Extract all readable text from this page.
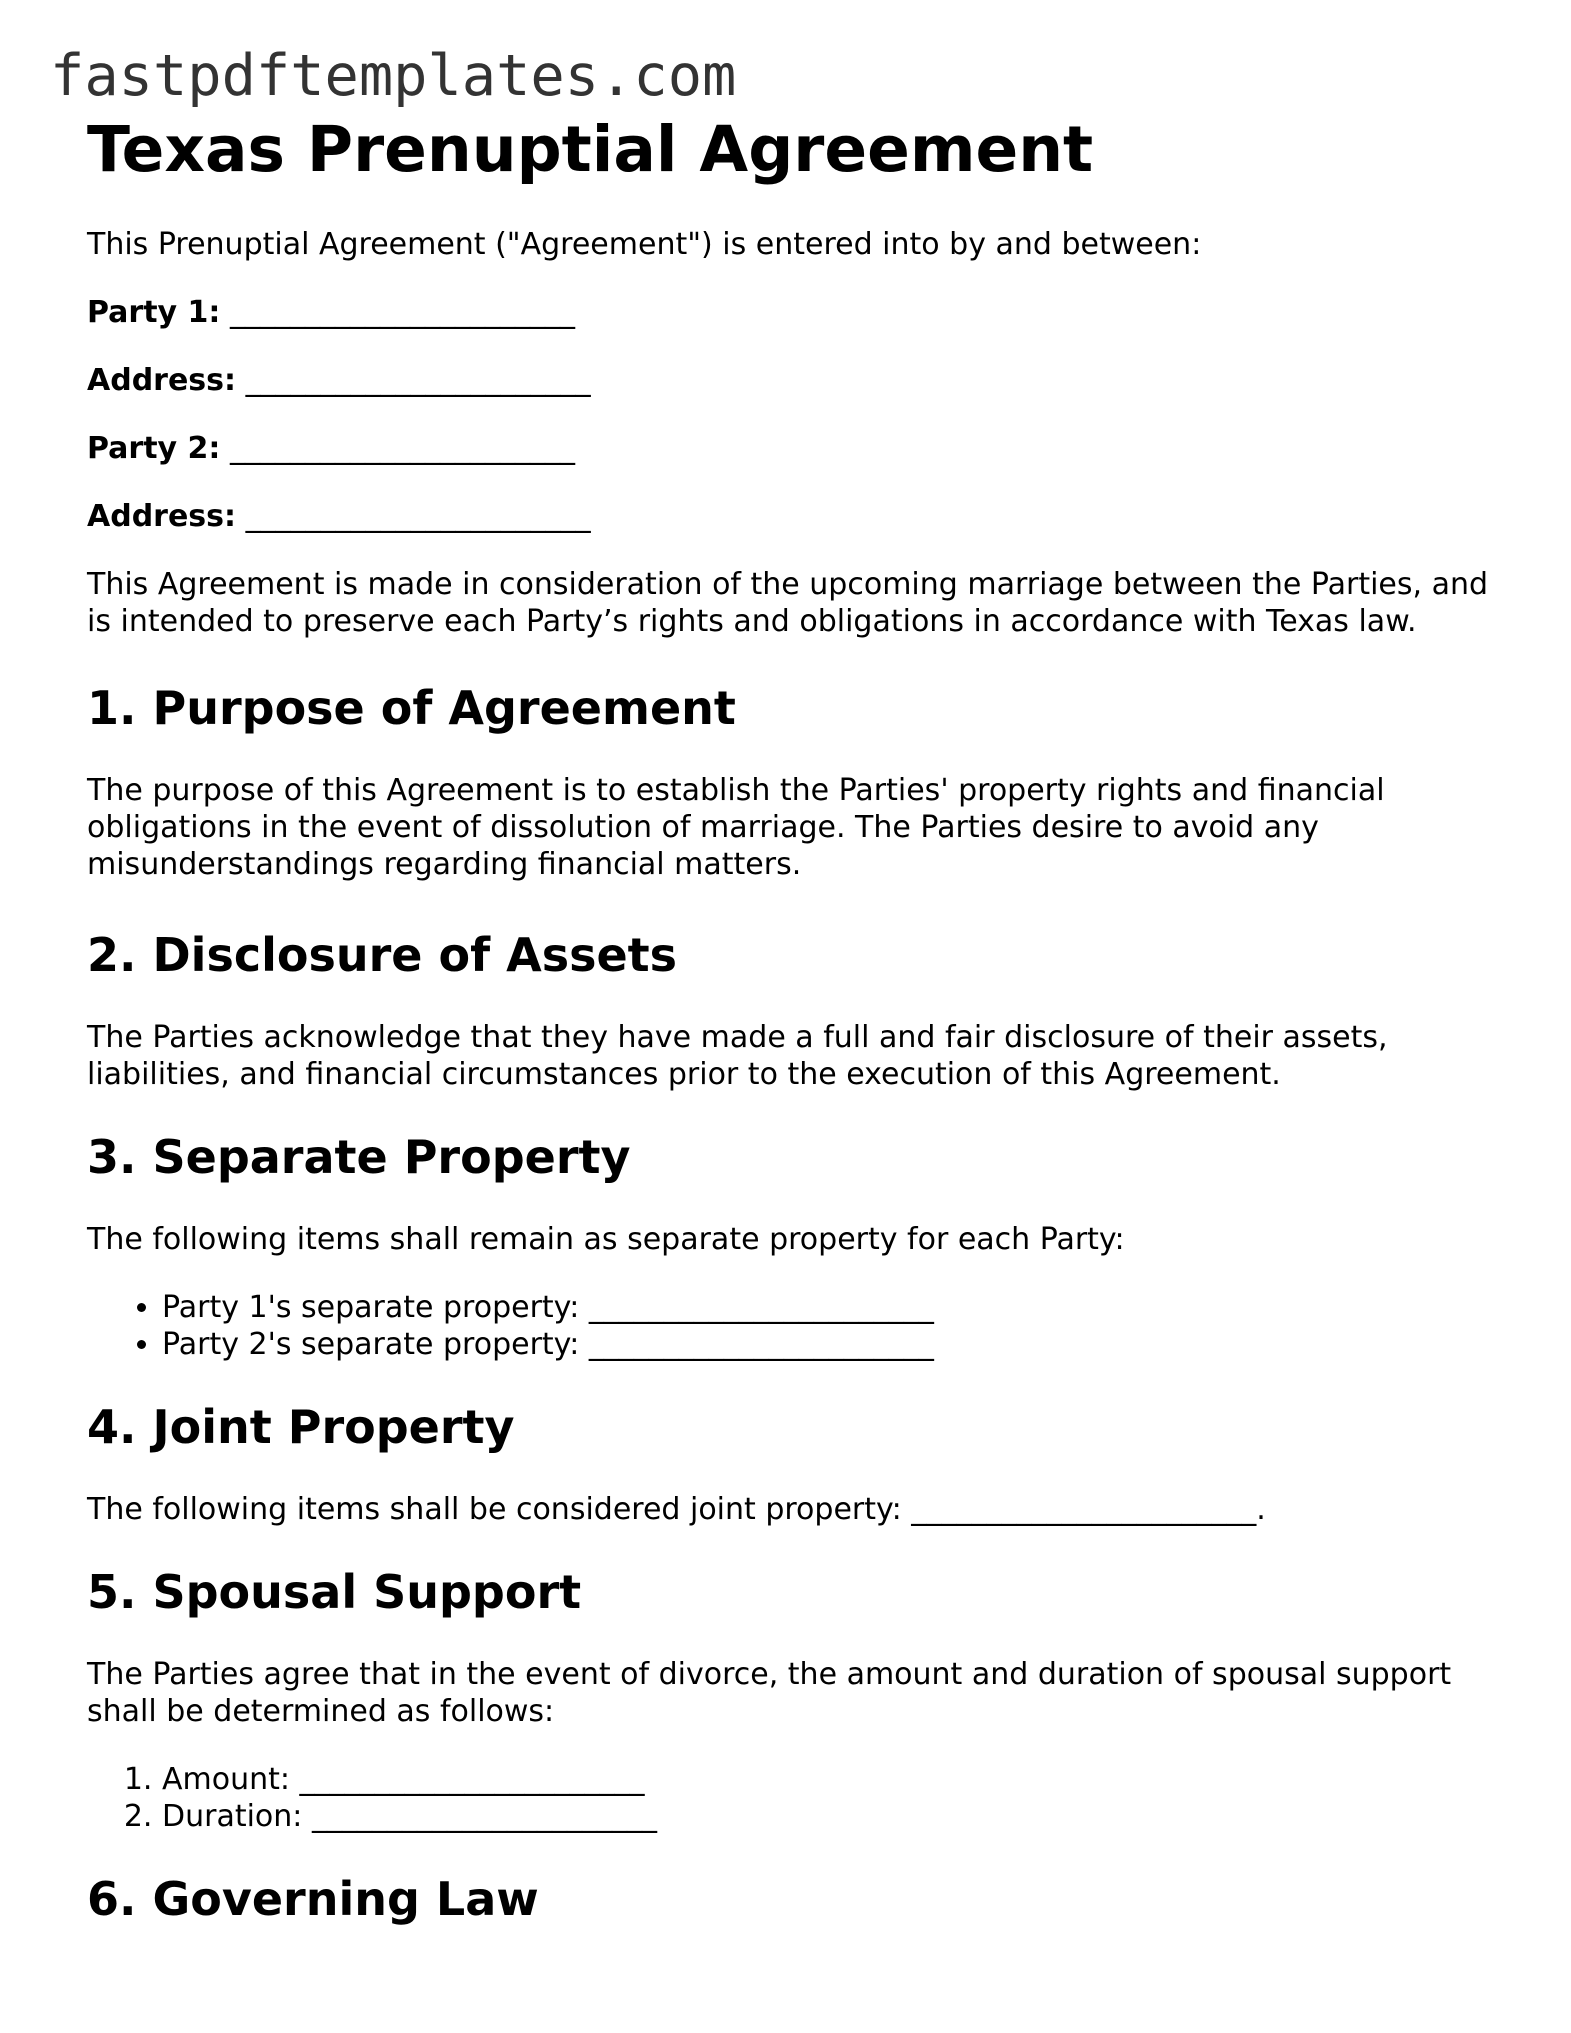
fastpdftemplates.com
Texas Prenuptial Agreement

This Prenuptial Agreement ("Agreement") is entered into by and between:

Party 1: _______________________

Address: _______________________

Party 2: _______________________

Address: _______________________

This Agreement is made in consideration of the upcoming marriage between the Parties, and is intended to preserve each Party’s rights and obligations in accordance with Texas law.

1. Purpose of Agreement

The purpose of this Agreement is to establish the Parties' property rights and financial obligations in the event of dissolution of marriage. The Parties desire to avoid any misunderstandings regarding financial matters.

2. Disclosure of Assets

The Parties acknowledge that they have made a full and fair disclosure of their assets, liabilities, and financial circumstances prior to the execution of this Agreement.

3. Separate Property

The following items shall remain as separate property for each Party:

• Party 1's separate property: _______________________
• Party 2's separate property: _______________________
4. Joint Property

The following items shall be considered joint property: _______________________.

5. Spousal Support

The Parties agree that in the event of divorce, the amount and duration of spousal support shall be determined as follows:

1. Amount: _______________________
2. Duration: _______________________
6. Governing Law
